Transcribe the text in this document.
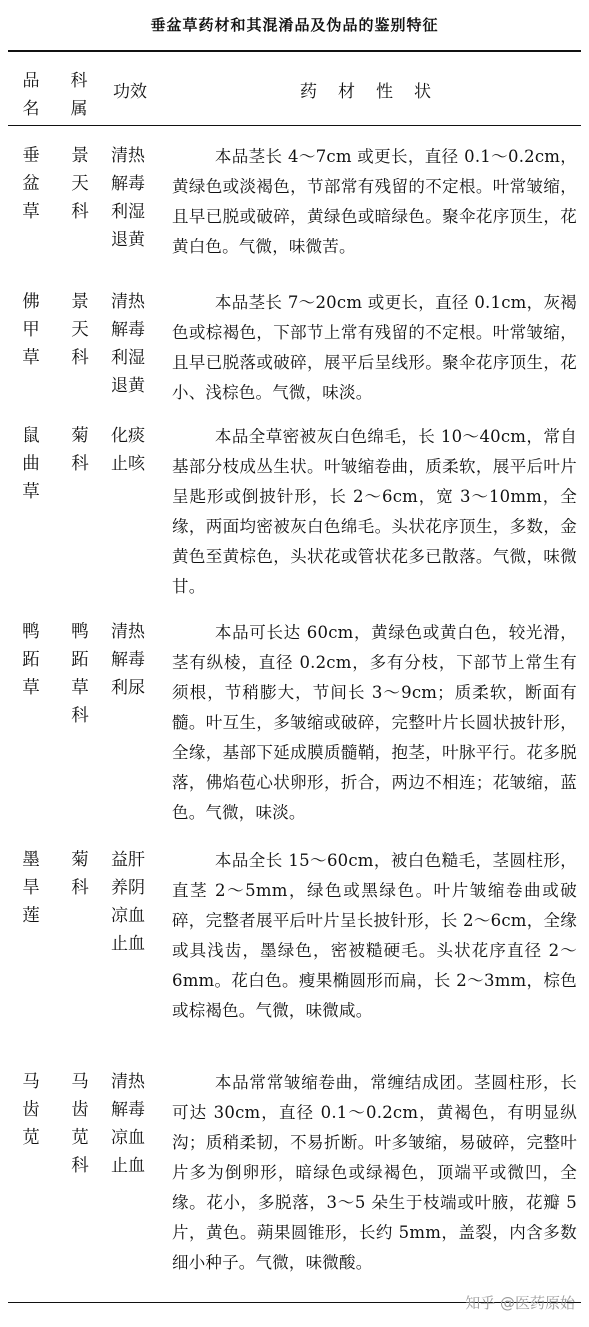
垂盆草药材和其混淆品及伪品的鉴别特征
品
名
科
属
功效	药　材　性　状
垂
盆
草
景
天
科
清热
解毒
利湿
退黄
本品茎长 4～7cm 或更长，直径 0.1～0.2cm，黄绿色或淡褐色，节部常有残留的不定根。叶常皱缩，且早已脱或破碎，黄绿色或暗绿色。聚伞花序顶生，花黄白色。气微，味微苦。
佛
甲
草
景
天
科
清热
解毒
利湿
退黄
本品茎长 7～20cm 或更长，直径 0.1cm，灰褐色或棕褐色，下部节上常有残留的不定根。叶常皱缩，且早已脱落或破碎，展平后呈线形。聚伞花序顶生，花小、浅棕色。气微，味淡。
鼠
曲
草
菊
科
化痰
止咳
本品全草密被灰白色绵毛，长 10～40cm，常自基部分枝成丛生状。叶皱缩卷曲，质柔软，展平后叶片呈匙形或倒披针形，长 2～6cm，宽 3～10mm，全缘，两面均密被灰白色绵毛。头状花序顶生，多数，金黄色至黄棕色，头状花或管状花多已散落。气微，味微甘。
鸭
跖
草
鸭
跖
草
科
清热
解毒
利尿
本品可长达 60cm，黄绿色或黄白色，较光滑，茎有纵棱，直径 0.2cm，多有分枝，下部节上常生有须根，节稍膨大，节间长 3～9cm；质柔软，断面有髓。叶互生，多皱缩或破碎，完整叶片长圆状披针形，全缘，基部下延成膜质髓鞘，抱茎，叶脉平行。花多脱落，佛焰苞心状卵形，折合，两边不相连；花皱缩，蓝色。气微，味淡。
墨
旱
莲
菊
科
益肝
养阴
凉血
止血
本品全长 15～60cm，被白色糙毛，茎圆柱形，直茎 2～5mm，绿色或黑绿色。叶片皱缩卷曲或破碎，完整者展平后叶片呈长披针形，长 2～6cm，全缘或具浅齿，墨绿色，密被糙硬毛。头状花序直径 2～6mm。花白色。瘦果椭圆形而扁，长 2～3mm，棕色或棕褐色。气微，味微咸。
马
齿
苋
马
齿
苋
科
清热
解毒
凉血
止血
本品常常皱缩卷曲，常缠结成团。茎圆柱形，长可达 30cm，直径 0.1～0.2cm，黄褐色，有明显纵沟；质稍柔韧，不易折断。叶多皱缩，易破碎，完整叶片多为倒卵形，暗绿色或绿褐色，顶端平或微凹，全缘。花小，多脱落，3～5 朵生于枝端或叶腋，花瓣 5 片，黄色。蒴果圆锥形，长约 5mm，盖裂，内含多数细小种子。气微，味微酸。
知乎 @医药原始
